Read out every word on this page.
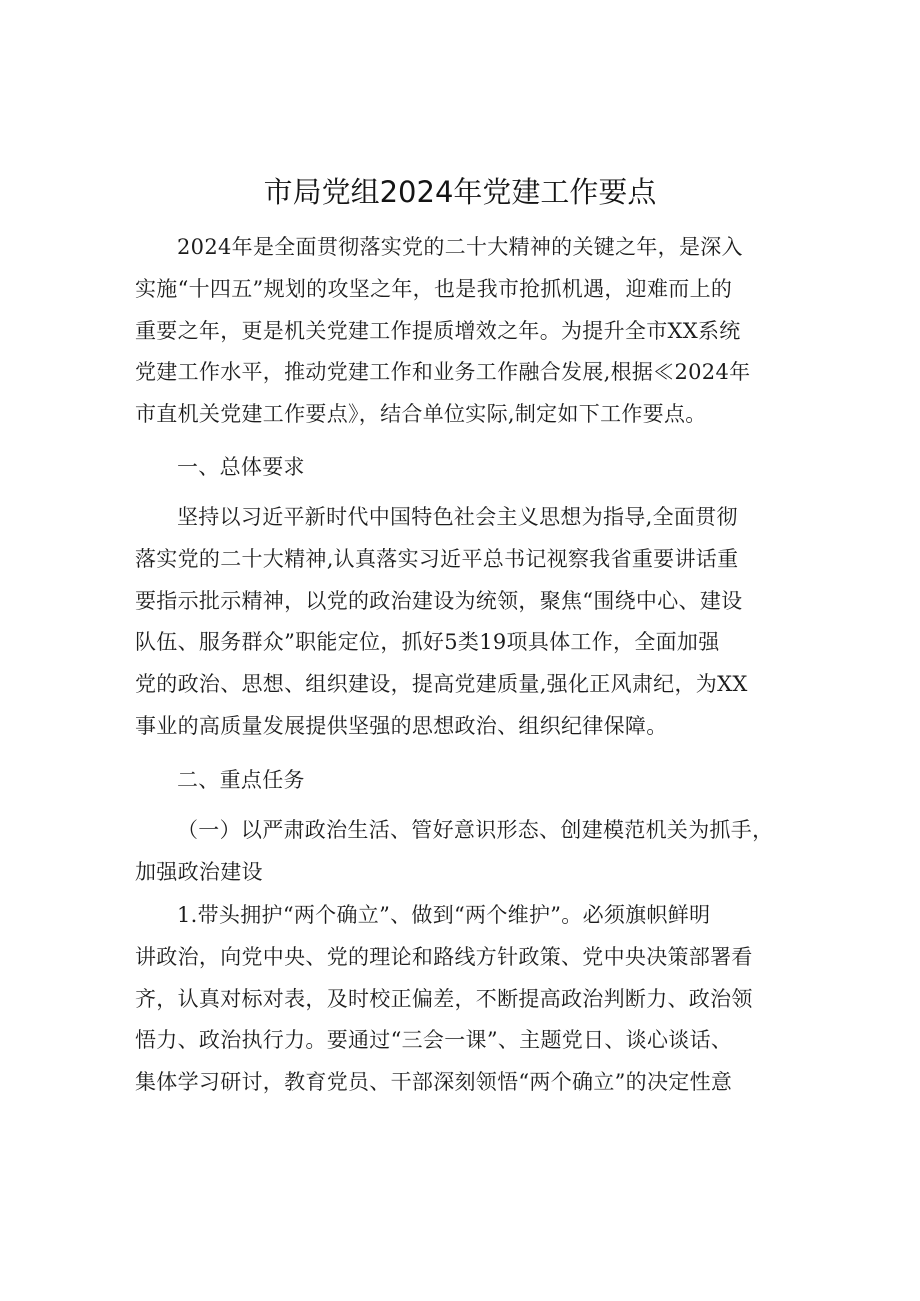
市局党组2024年党建工作要点
2024年是全面贯彻落实党的二十大精神的关键之年，是深入
实施“十四五”规划的攻坚之年，也是我市抢抓机遇，迎难而上的
重要之年，更是机关党建工作提质增效之年。为提升全市XX系统
党建工作水平，推动党建工作和业务工作融合发展,根据≪2024年
市直机关党建工作要点》，结合单位实际,制定如下工作要点。
一、总体要求
坚持以习近平新时代中国特色社会主义思想为指导,全面贯彻
落实党的二十大精神,认真落实习近平总书记视察我省重要讲话重
要指示批示精神，以党的政治建设为统领，聚焦“围绕中心、建设
队伍、服务群众”职能定位，抓好5类19项具体工作，全面加强
党的政治、思想、组织建设，提高党建质量,强化正风肃纪，为XX
事业的高质量发展提供坚强的思想政治、组织纪律保障。
二、重点任务
（一）以严肃政治生活、管好意识形态、创建模范机关为抓手，
加强政治建设
1.带头拥护“两个确立”、做到“两个维护”。必须旗帜鲜明
讲政治，向党中央、党的理论和路线方针政策、党中央决策部署看
齐，认真对标对表，及时校正偏差，不断提高政治判断力、政治领
悟力、政治执行力。要通过“三会一课”、主题党日、谈心谈话、
集体学习研讨，教育党员、干部深刻领悟“两个确立”的决定性意
